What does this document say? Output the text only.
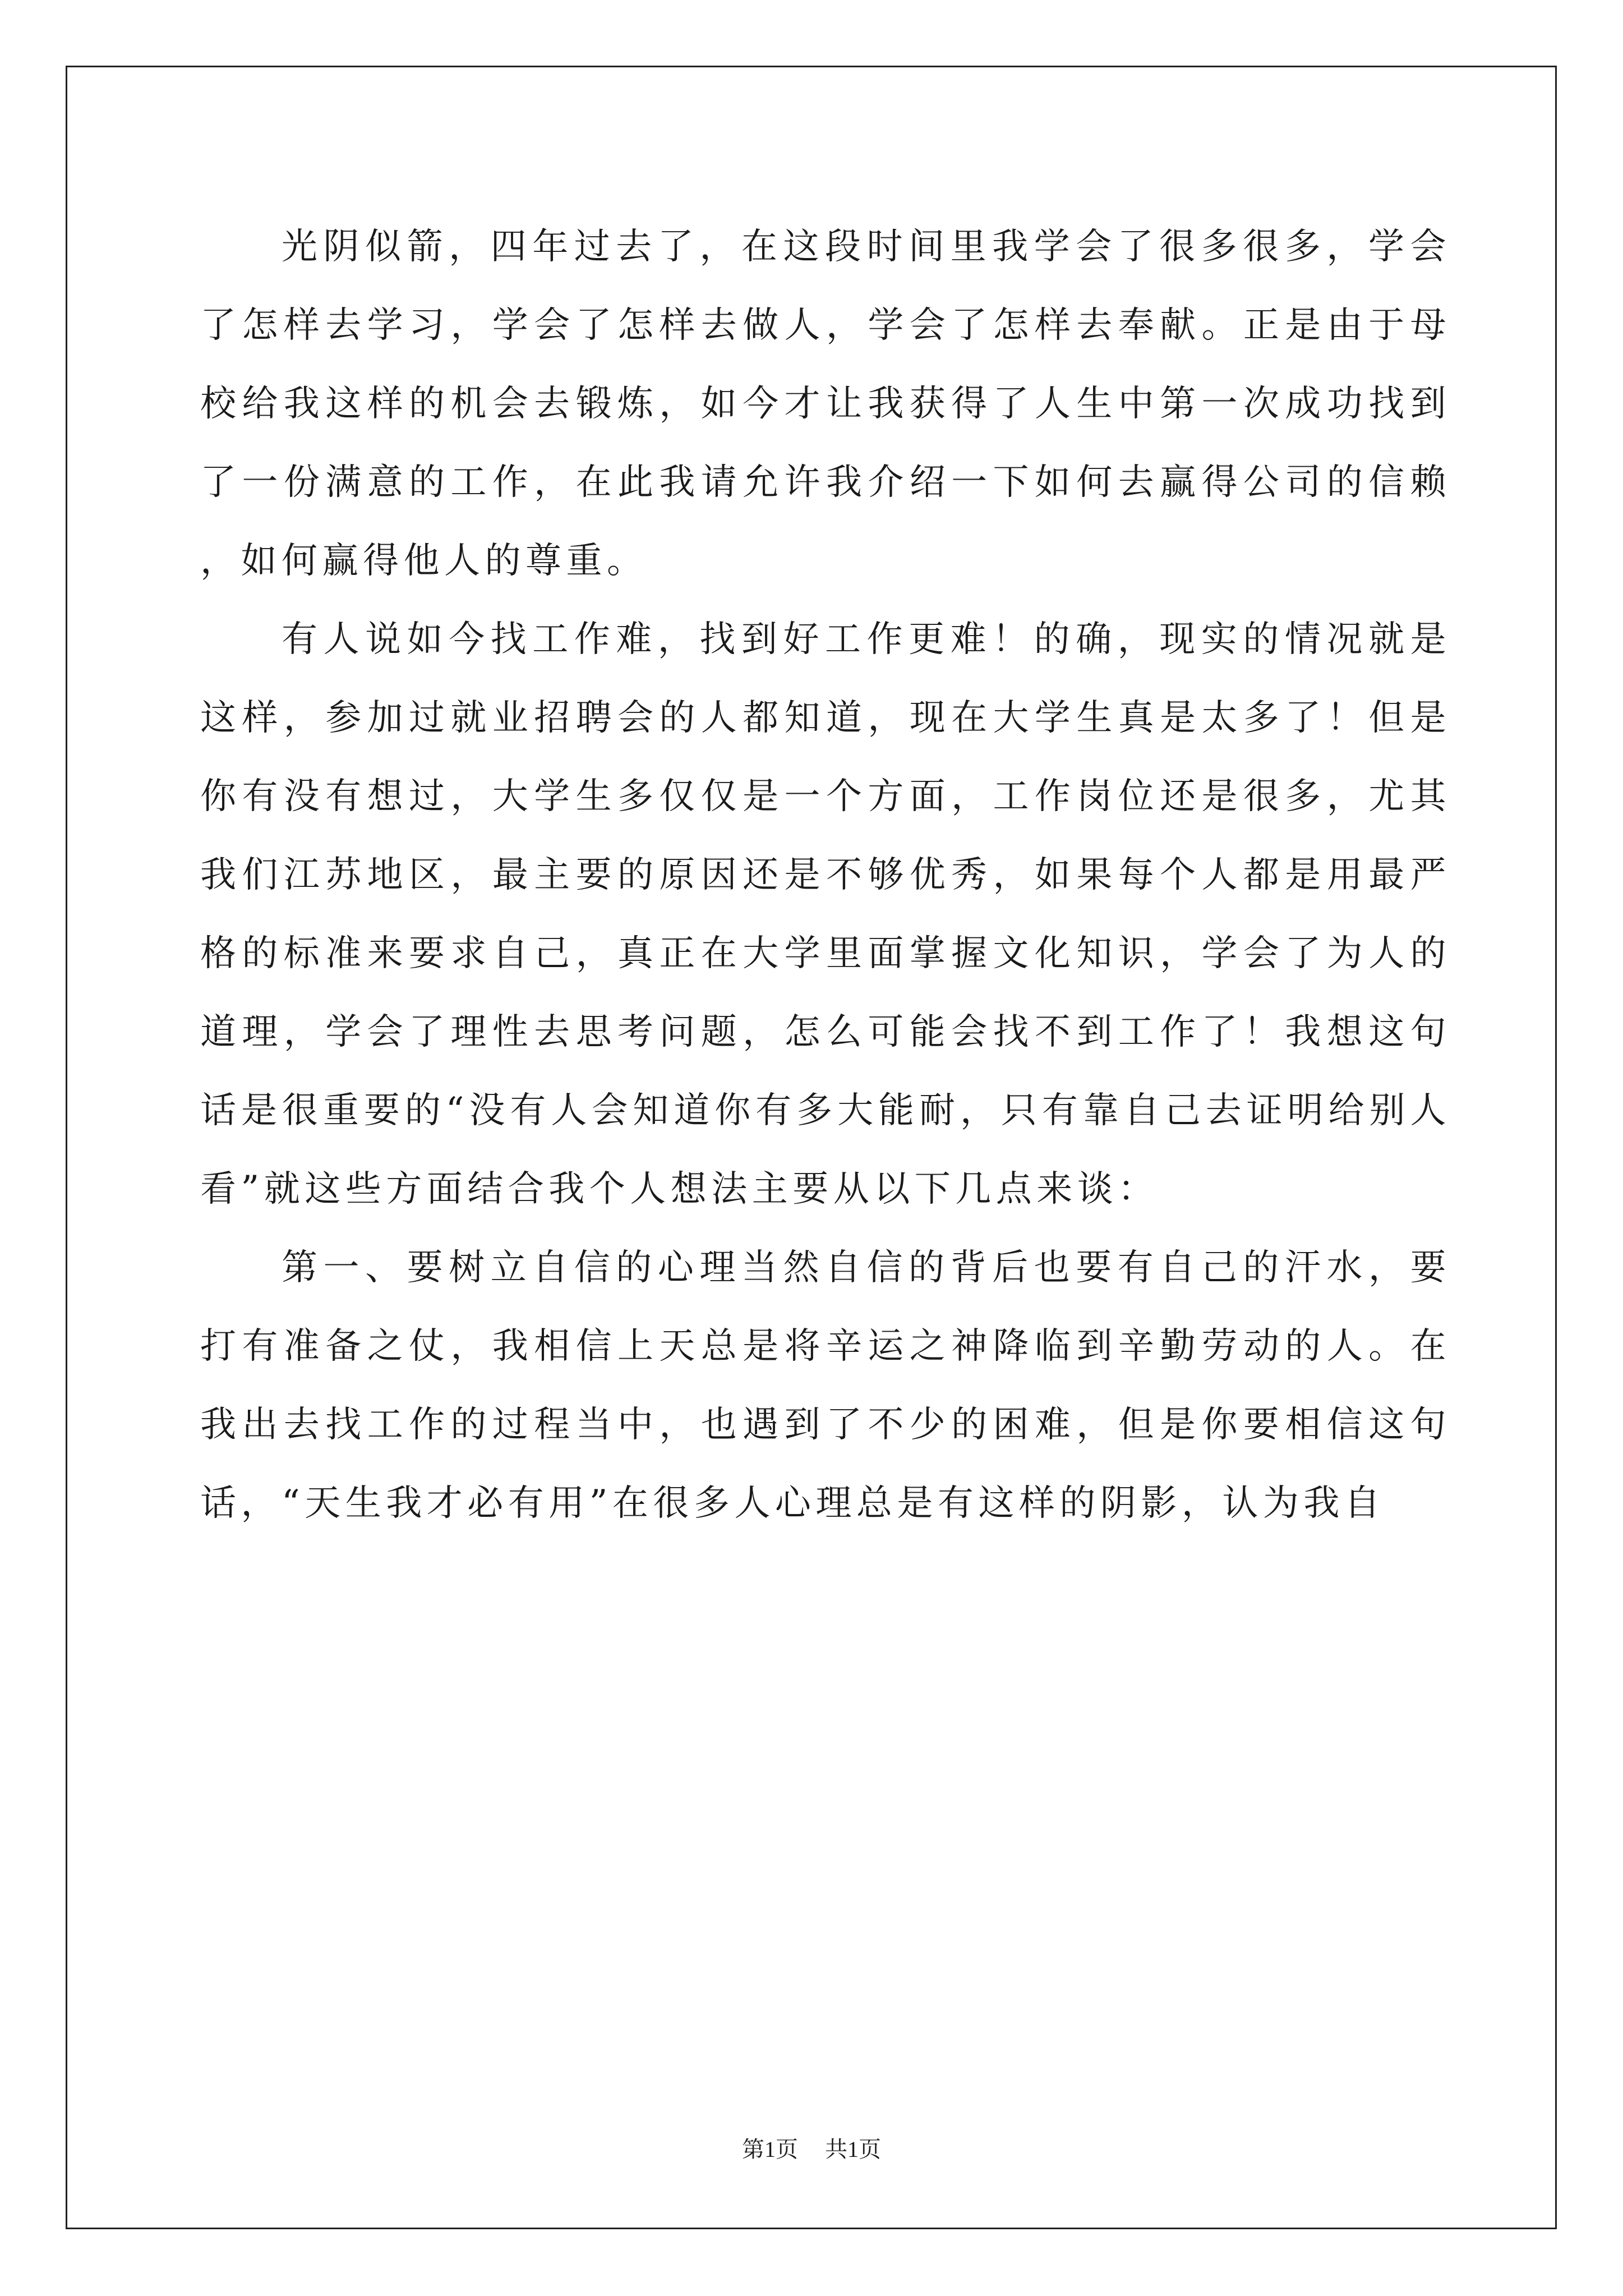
光阴似箭，四年过去了，在这段时间里我学会了很多很多，学会了怎样去学习，学会了怎样去做人，学会了怎样去奉献。正是由于母校给我这样的机会去锻炼，如今才让我获得了人生中第一次成功找到了一份满意的工作，在此我请允许我介绍一下如何去赢得公司的信赖，如何赢得他人的尊重。

有人说如今找工作难，找到好工作更难！的确，现实的情况就是这样，参加过就业招聘会的人都知道，现在大学生真是太多了！但是你有没有想过，大学生多仅仅是一个方面，工作岗位还是很多，尤其我们江苏地区，最主要的原因还是不够优秀，如果每个人都是用最严格的标准来要求自己，真正在大学里面掌握文化知识，学会了为人的道理，学会了理性去思考问题，怎么可能会找不到工作了！我想这句话是很重要的“没有人会知道你有多大能耐，只有靠自己去证明给别人看”就这些方面结合我个人想法主要从以下几点来谈：

第一、要树立自信的心理当然自信的背后也要有自己的汗水，要打有准备之仗，我相信上天总是将辛运之神降临到辛勤劳动的人。在我出去找工作的过程当中，也遇到了不少的困难，但是你要相信这句话，“天生我才必有用”在很多人心理总是有这样的阴影，认为我自

第1页 共1页
